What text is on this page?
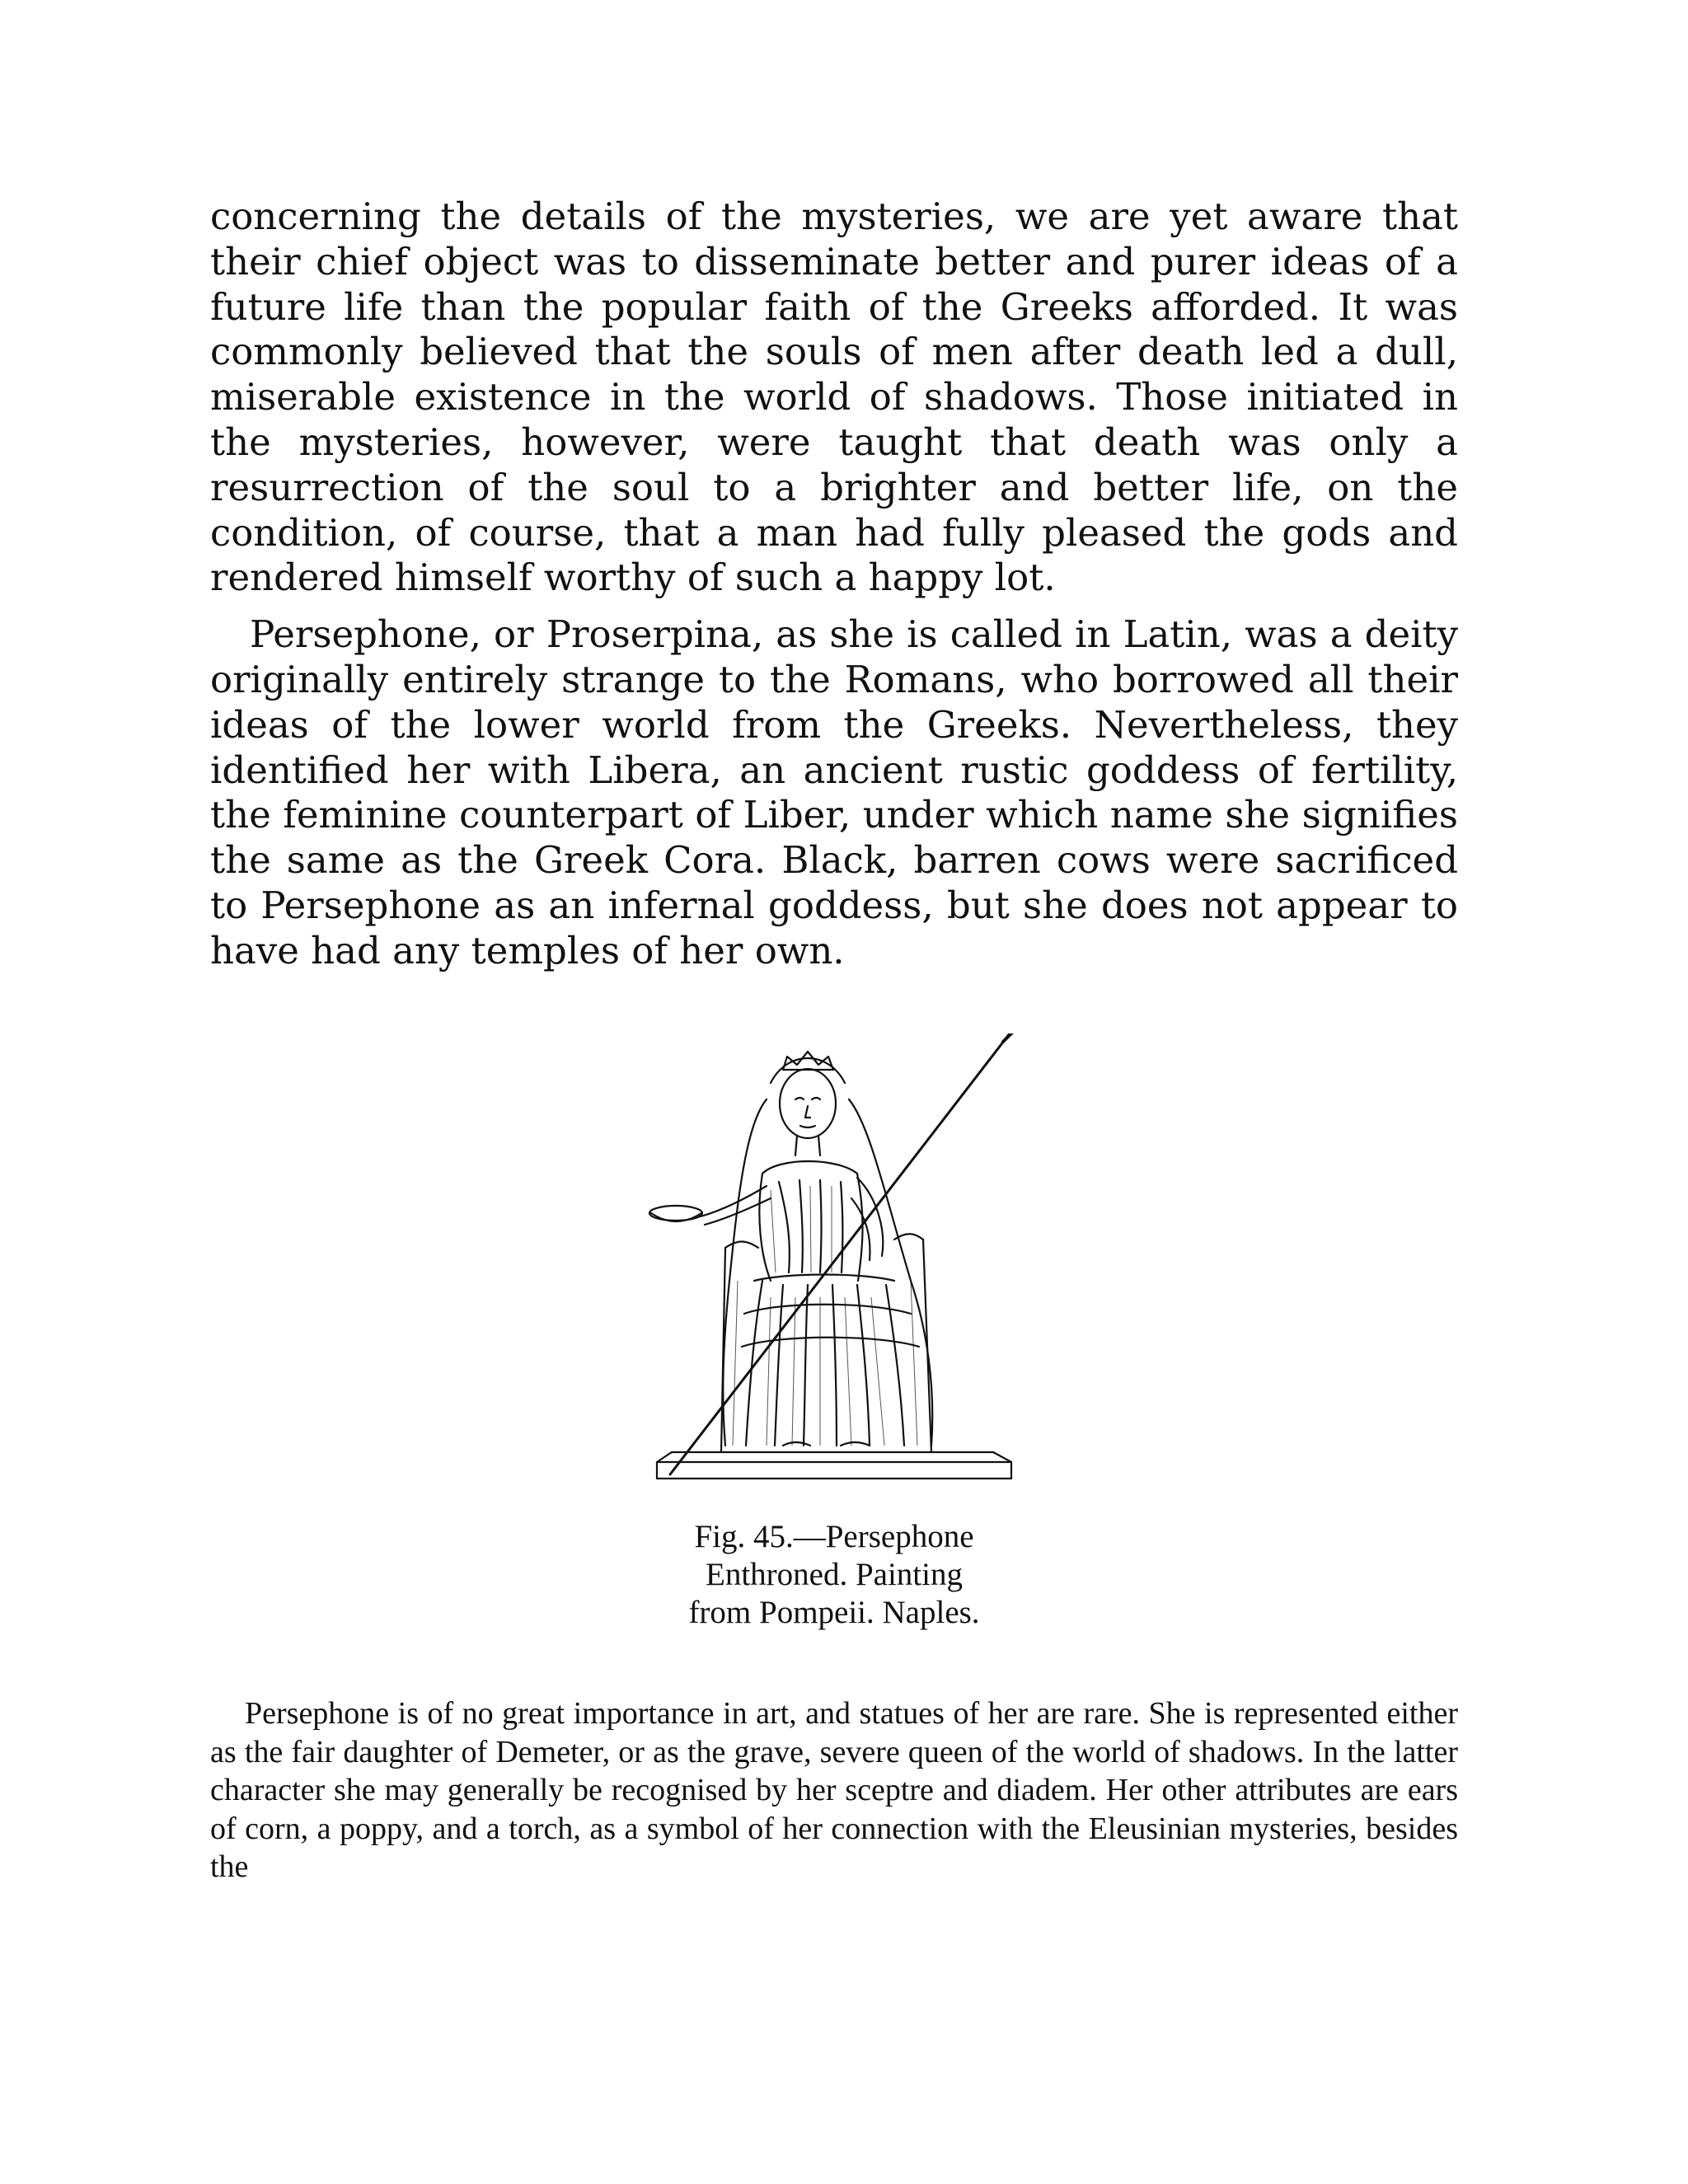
concerning the details of the mysteries, we are yet aware that their chief object was to disseminate better and purer ideas of a future life than the popular faith of the Greeks afforded. It was commonly believed that the souls of men after death led a dull, miserable existence in the world of shadows. Those initiated in the mysteries, however, were taught that death was only a resurrection of the soul to a brighter and better life, on the condition, of course, that a man had fully pleased the gods and rendered himself worthy of such a happy lot.

Persephone, or Proserpina, as she is called in Latin, was a deity originally entirely strange to the Romans, who borrowed all their ideas of the lower world from the Greeks. Nevertheless, they identified her with Libera, an ancient rustic goddess of fertility, the feminine counterpart of Liber, under which name she signifies the same as the Greek Cora. Black, barren cows were sacrificed to Persephone as an infernal goddess, but she does not appear to have had any temples of her own.

Fig. 45.—Persephone
Enthroned. Painting
from Pompeii. Naples.

Persephone is of no great importance in art, and statues of her are rare. She is represented either as the fair daughter of Demeter, or as the grave, severe queen of the world of shadows. In the latter character she may generally be recognised by her sceptre and diadem. Her other attributes are ears of corn, a poppy, and a torch, as a symbol of her connection with the Eleusinian mysteries, besides the
